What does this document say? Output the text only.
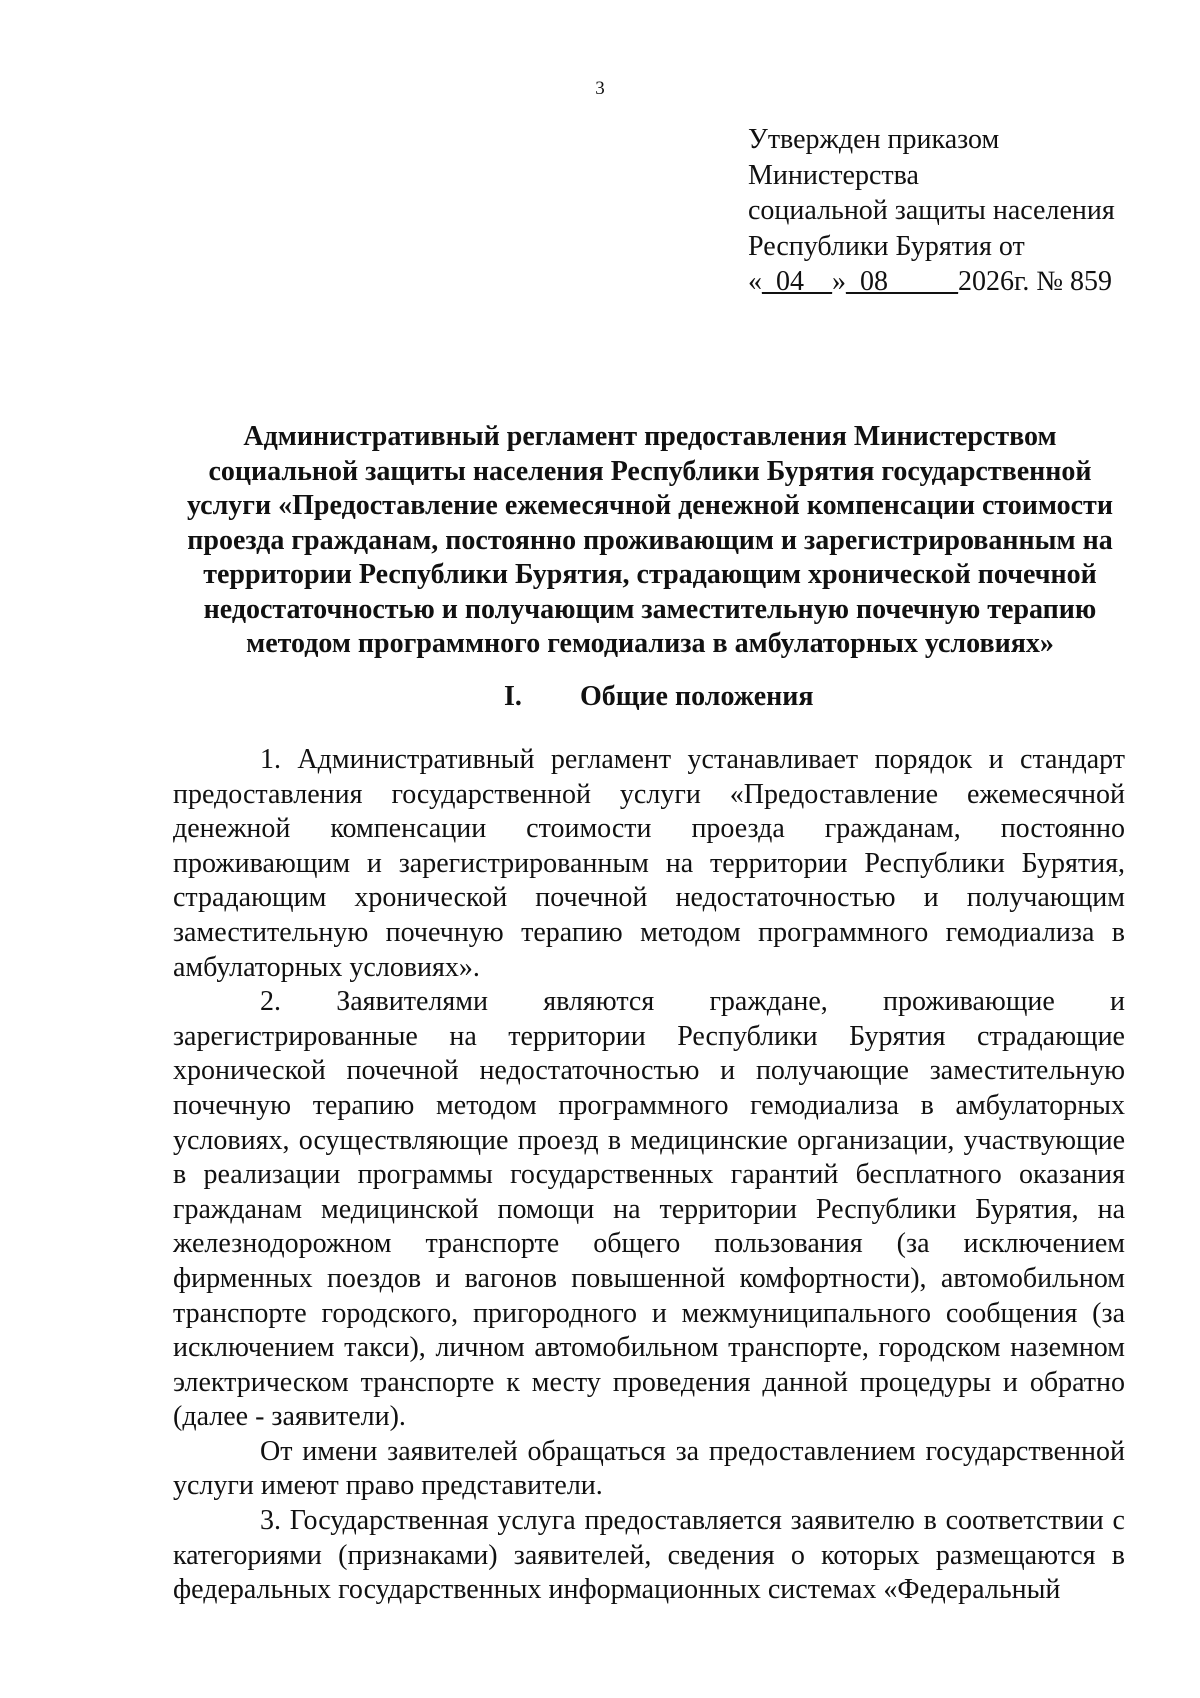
3
Утвержден приказом
Министерства
социальной защиты населения
Республики Бурятия от
«_04__»_08_____2026г. № 859
Административный регламент предоставления Министерством социальной защиты населения Республики Бурятия государственной услуги «Предоставление ежемесячной денежной компенсации стоимости проезда гражданам, постоянно проживающим и зарегистрированным на территории Республики Бурятия, страдающим хронической почечной недостаточностью и получающим заместительную почечную терапию методом программного гемодиализа в амбулаторных условиях»
I. Общие положения

1. Административный регламент устанавливает порядок и стандарт предоставления государственной услуги «Предоставление ежемесячной денежной компенсации стоимости проезда гражданам, постоянно проживающим и зарегистрированным на территории Республики Бурятия, страдающим хронической почечной недостаточностью и получающим заместительную почечную терапию методом программного гемодиализа в амбулаторных условиях».

2. Заявителями являются граждане, проживающие и зарегистрированные на территории Республики Бурятия страдающие хронической почечной недостаточностью и получающие заместительную почечную терапию методом программного гемодиализа в амбулаторных условиях, осуществляющие проезд в медицинские организации, участвующие в реализации программы государственных гарантий бесплатного оказания гражданам медицинской помощи на территории Республики Бурятия, на железнодорожном транспорте общего пользования (за исключением фирменных поездов и вагонов повышенной комфортности), автомобильном транспорте городского, пригородного и межмуниципального сообщения (за исключением такси), личном автомобильном транспорте, городском наземном электрическом транспорте к месту проведения данной процедуры и обратно (далее - заявители).

От имени заявителей обращаться за предоставлением государственной услуги имеют право представители.

3. Государственная услуга предоставляется заявителю в соответствии с категориями (признаками) заявителей, сведения о которых размещаются в федеральных государственных информационных системах «Федеральный
